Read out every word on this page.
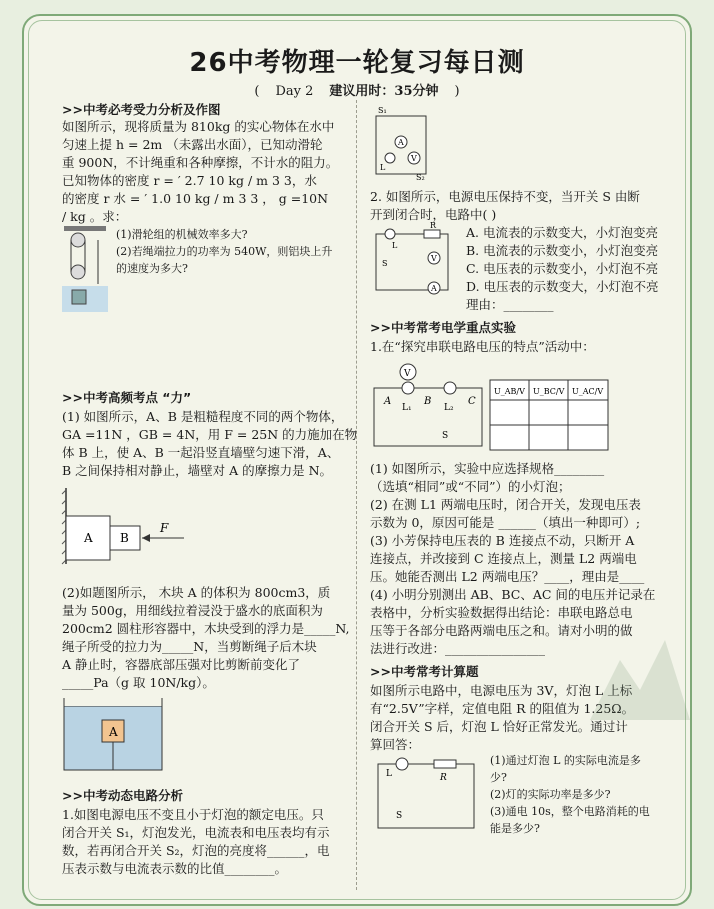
26中考物理一轮复习每日测
( Day 2 建议用时：35分钟 )
>>中考必考受力分析及作图
如图所示，现将质量为 810kg 的实心物体在水中
匀速上提 h = 2m （未露出水面），已知动滑轮
重 900N，不计绳重和各种摩擦，不计水的阻力。
已知物体的密度 r = ′ 2.7 10 kg / m 3 3，水
的密度 r 水 = ′ 1.0 10 kg / m 3 3 ， g =10N
/ kg 。求：
(1)滑轮组的机械效率多大?
(2)若绳端拉力的功率为 540W，则铝块上升
的速度为多大?
>>中考高频考点 “力”
(1) 如图所示，A、B 是粗糙程度不同的两个物体，
GA =11N ，GB = 4N，用 F = 25N 的力施加在物
体 B 上，使 A、B 一起沿竖直墙壁匀速下滑，A、
B 之间保持相对静止，墙壁对 A 的摩擦力是 N。
A B
F
(2)如题图所示， 木块 A 的体积为 800cm3，质
量为 500g，用细线拉着浸没于盛水的底面积为
200cm2 圆柱形容器中，木块受到的浮力是_____N,
绳子所受的拉力为_____N，当剪断绳子后木块
A 静止时，容器底部压强对比剪断前变化了
_____Pa（g 取 10N/kg）。
A
>>中考动态电路分析
1.如图电源电压不变且小于灯泡的额定电压。只
闭合开关 S₁，灯泡发光，电流表和电压表均有示
数，若再闭合开关 S₂，灯泡的亮度将______，电
压表示数与电流表示数的比值________。
S₁
A
V
L
S₂
2. 如图所示，电源电压保持不变，当开关 S 由断
开到闭合时，电路中( )
L
R
S
V
A
A. 电流表的示数变大，小灯泡变亮
B. 电流表的示数变小，小灯泡变亮
C. 电压表的示数变小，小灯泡不亮
D. 电压表的示数变大，小灯泡不亮
理由：________
>>中考常考电学重点实验
1.在“探究串联电路电压的特点”活动中：
V
A	B	C
L₁	L₂
S
U_AB/V U_BC/V U_AC/V
(1) 如图所示，实验中应选择规格________
（选填“相同”或“不同”）的小灯泡；
(2) 在测 L1 两端电压时，闭合开关，发现电压表
示数为 0，原因可能是 ______（填出一种即可）;
(3) 小芳保持电压表的 B 连接点不动，只断开 A
连接点，并改接到 C 连接点上，测量 L2 两端电
压。她能否测出 L2 两端电压？____，理由是____
(4) 小明分别测出 AB、BC、AC 间的电压并记录在
表格中，分析实验数据得出结论：串联电路总电
压等于各部分电路两端电压之和。请对小明的做
法进行改进：________________
>>中考常考计算题
如图所示电路中，电源电压为 3V，灯泡 L 上标
有“2.5V”字样，定值电阻 R 的阻值为 1.25Ω。
闭合开关 S 后，灯泡 L 恰好正常发光。通过计
算回答：
L	R
S
(1)通过灯泡 L 的实际电流是多
少?
(2)灯的实际功率是多少?
(3)通电 10s，整个电路消耗的电
能是多少?
